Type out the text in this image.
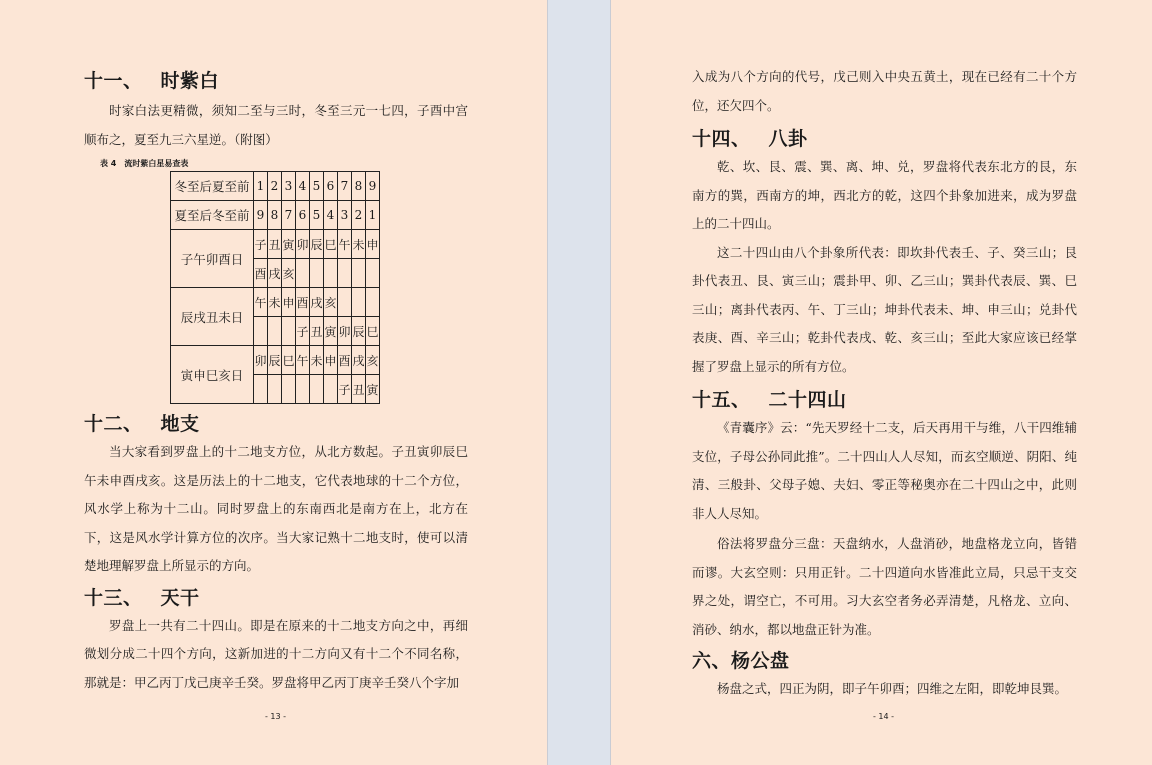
十一、 时紫白

时家白法更精微，须知二至与三时，冬至三元一七四，子酉中宫顺布之，夏至九三六星逆。（附图）

表 4 流时紫白星易查表
冬至后夏至前	1	2	3	4	5	6	7	8	9
夏至后冬至前	9	8	7	6	5	4	3	2	1
子午卯酉日	子	丑	寅	卯	辰	巳	午	未	申
	酉	戌	亥						
辰戌丑未日	午	未	申	酉	戌	亥			
				子	丑	寅	卯	辰	巳
寅申巳亥日	卯	辰	巳	午	未	申	酉	戌	亥
							子	丑	寅
十二、 地支

当大家看到罗盘上的十二地支方位，从北方数起。子丑寅卯辰巳午未申酉戌亥。这是历法上的十二地支，它代表地球的十二个方位，风水学上称为十二山。同时罗盘上的东南西北是南方在上，北方在下，这是风水学计算方位的次序。当大家记熟十二地支时，使可以清楚地理解罗盘上所显示的方向。

十三、 天干

罗盘上一共有二十四山。即是在原来的十二地支方向之中，再细微划分成二十四个方向，这新加进的十二方向又有十二个不同名称，那就是：甲乙丙丁戊己庚辛壬癸。罗盘将甲乙丙丁庚辛壬癸八个字加

- 13 -

入成为八个方向的代号，戊己则入中央五黄土，现在已经有二十个方位，还欠四个。

十四、 八卦

乾、坎、艮、震、巽、离、坤、兑，罗盘将代表东北方的艮，东南方的巽，西南方的坤，西北方的乾，这四个卦象加进来，成为罗盘上的二十四山。

这二十四山由八个卦象所代表：即坎卦代表壬、子、癸三山；艮卦代表丑、艮、寅三山；震卦甲、卯、乙三山；巽卦代表辰、巽、巳三山；离卦代表丙、午、丁三山；坤卦代表未、坤、申三山；兑卦代表庚、酉、辛三山；乾卦代表戌、乾、亥三山；至此大家应该已经掌握了罗盘上显示的所有方位。

十五、 二十四山

《青囊序》云：“先天罗经十二支，后天再用干与维，八干四维辅支位，子母公孙同此推”。二十四山人人尽知，而玄空顺逆、阴阳、纯清、三般卦、父母子媳、夫妇、零正等秘奥亦在二十四山之中，此则非人人尽知。

俗法将罗盘分三盘：天盘纳水，人盘消砂，地盘格龙立向，皆错而谬。大玄空则：只用正针。二十四道向水皆准此立局，只忌干支交界之处，谓空亡，不可用。习大玄空者务必弄清楚，凡格龙、立向、消砂、纳水，都以地盘正针为准。

六、杨公盘

杨盘之式，四正为阴，即子午卯酉；四维之左阳，即乾坤艮巽。

- 14 -
